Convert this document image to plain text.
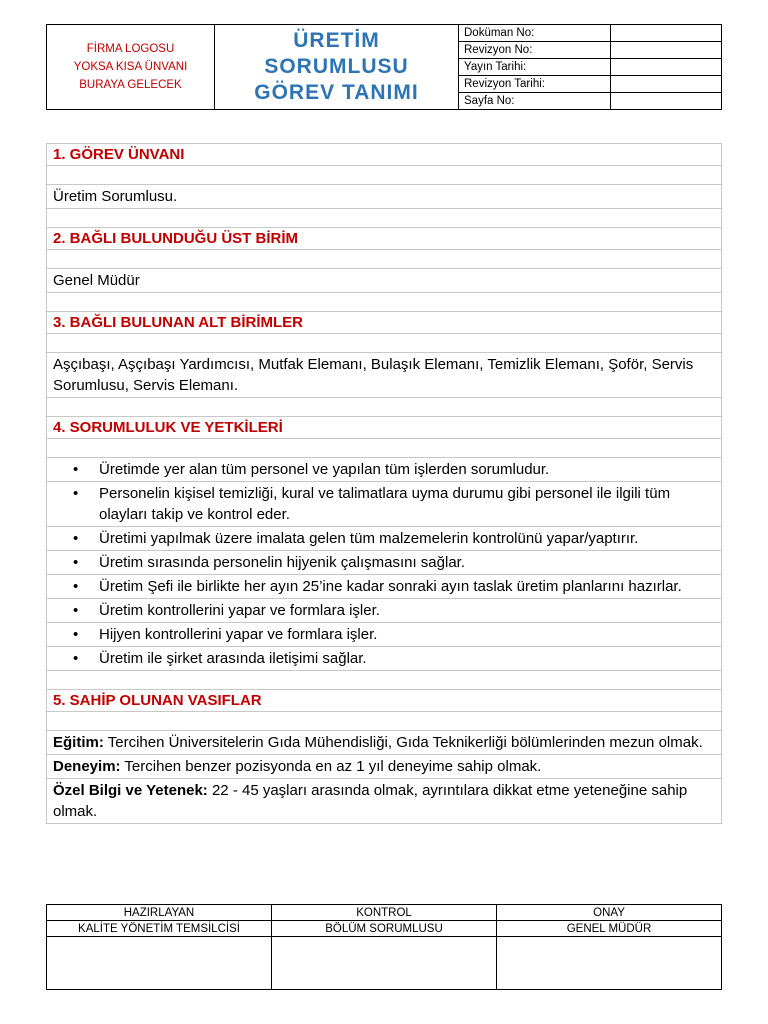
FİRMA LOGOSU
YOKSA KISA ÜNVANI
BURAYA GELECEK
ÜRETİM
SORUMLUSU
GÖREV TANIMI
Doküman No:
Revizyon No:
Yayın Tarihi:
Revizyon Tarihi:
Sayfa No:
1. GÖREV ÜNVANI

Üretim Sorumlusu.

2. BAĞLI BULUNDUĞU ÜST BİRİM

Genel Müdür

3. BAĞLI BULUNAN ALT BİRİMLER

Aşçıbaşı, Aşçıbaşı Yardımcısı, Mutfak Elemanı, Bulaşık Elemanı, Temizlik Elemanı, Şoför, Servis Sorumlusu, Servis Elemanı.

4. SORUMLULUK VE YETKİLERİ

•	Üretimde yer alan tüm personel ve yapılan tüm işlerden sorumludur.

•	Personelin kişisel temizliği, kural ve talimatlara uyma durumu gibi personel ile ilgili tüm olayları takip ve kontrol eder.

•	Üretimi yapılmak üzere imalata gelen tüm malzemelerin kontrolünü yapar/yaptırır.

•	Üretim sırasında personelin hijyenik çalışmasını sağlar.

•	Üretim Şefi ile birlikte her ayın 25’ine kadar sonraki ayın taslak üretim planlarını hazırlar.

•	Üretim kontrollerini yapar ve formlara işler.

•	Hijyen kontrollerini yapar ve formlara işler.

•	Üretim ile şirket arasında iletişimi sağlar.

5. SAHİP OLUNAN VASIFLAR

Eğitim: Tercihen Üniversitelerin Gıda Mühendisliği, Gıda Teknikerliği bölümlerinden mezun olmak.
Deneyim: Tercihen benzer pozisyonda en az 1 yıl deneyime sahip olmak.
Özel Bilgi ve Yetenek: 22 - 45 yaşları arasında olmak, ayrıntılara dikkat etme yeteneğine sahip olmak.
HAZIRLAYAN	KONTROL	ONAY
KALİTE YÖNETİM TEMSİLCİSİ	BÖLÜM SORUMLUSU	GENEL MÜDÜR
